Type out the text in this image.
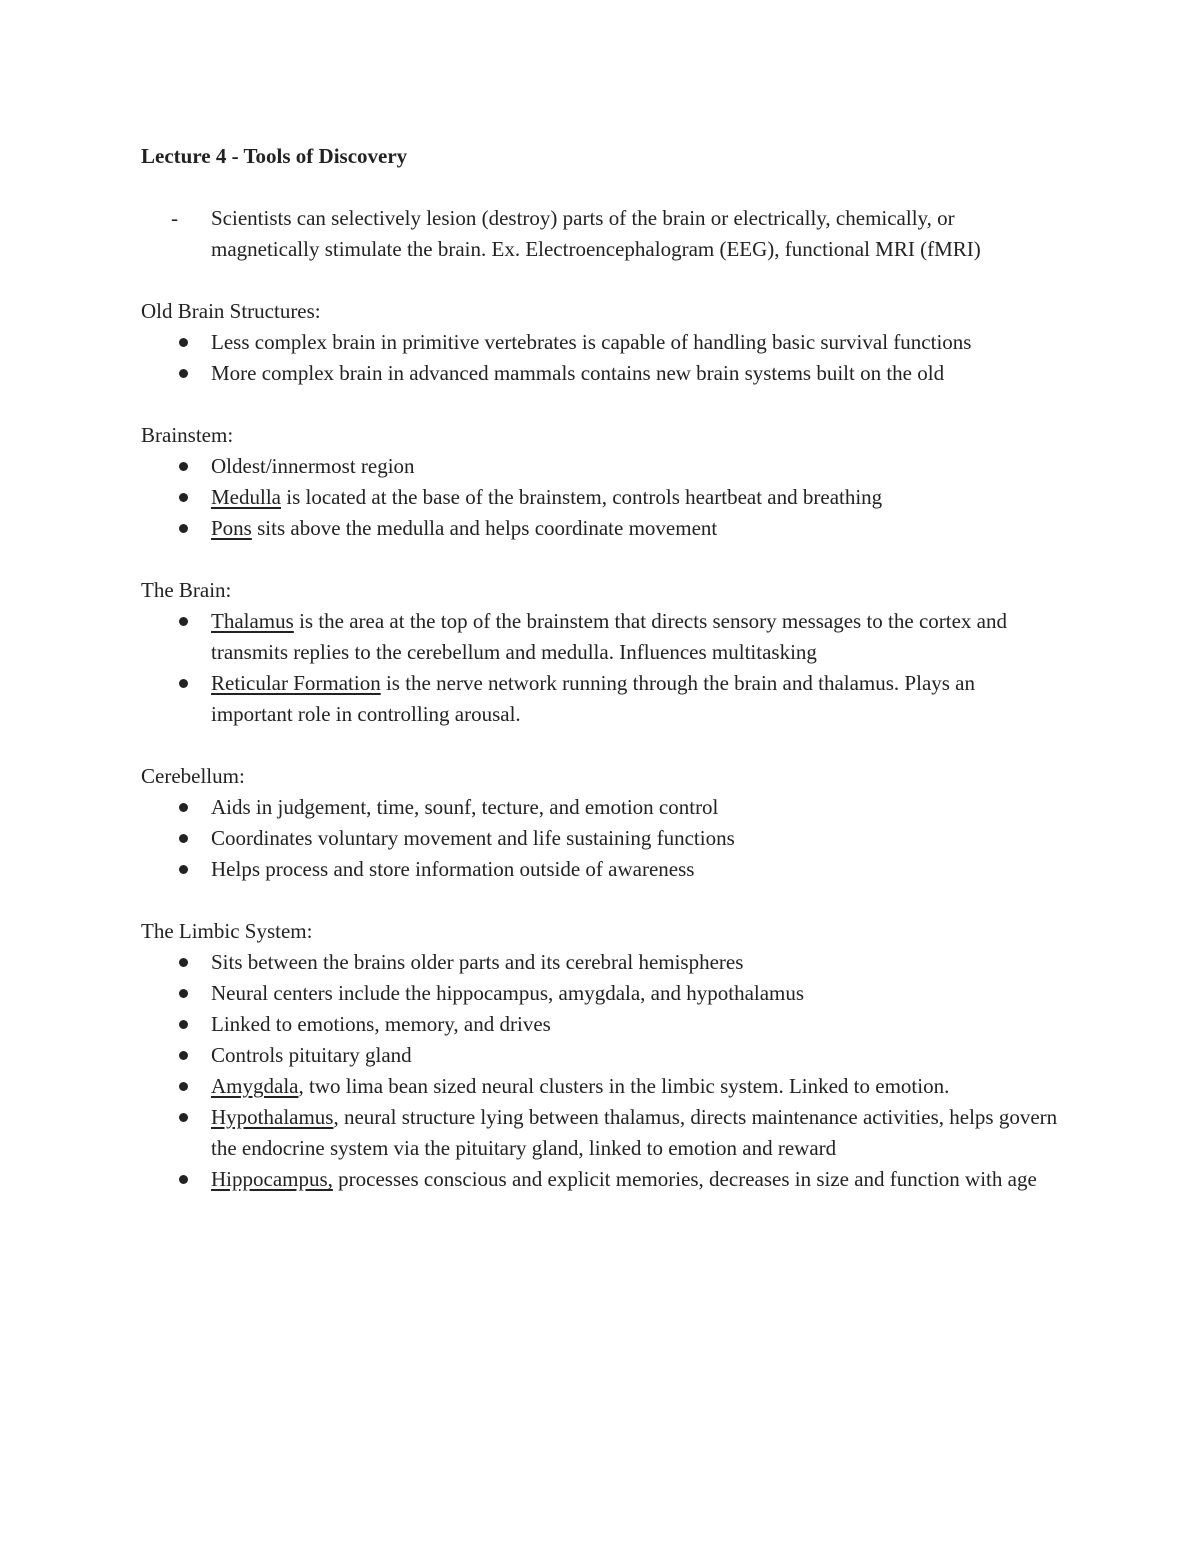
Lecture 4 - Tools of Discovery
- Scientists can selectively lesion (destroy) parts of the brain or electrically, chemically, or magnetically stimulate the brain. Ex. Electroencephalogram (EEG), functional MRI (fMRI)
Old Brain Structures:
Less complex brain in primitive vertebrates is capable of handling basic survival functions
More complex brain in advanced mammals contains new brain systems built on the old
Brainstem:
Oldest/innermost region
Medulla is located at the base of the brainstem, controls heartbeat and breathing
Pons sits above the medulla and helps coordinate movement
The Brain:
Thalamus is the area at the top of the brainstem that directs sensory messages to the cortex and transmits replies to the cerebellum and medulla. Influences multitasking
Reticular Formation is the nerve network running through the brain and thalamus. Plays an important role in controlling arousal.
Cerebellum:
Aids in judgement, time, sounf, tecture, and emotion control
Coordinates voluntary movement and life sustaining functions
Helps process and store information outside of awareness
The Limbic System:
Sits between the brains older parts and its cerebral hemispheres
Neural centers include the hippocampus, amygdala, and hypothalamus
Linked to emotions, memory, and drives
Controls pituitary gland
Amygdala, two lima bean sized neural clusters in the limbic system. Linked to emotion.
Hypothalamus, neural structure lying between thalamus, directs maintenance activities, helps govern the endocrine system via the pituitary gland, linked to emotion and reward
Hippocampus, processes conscious and explicit memories, decreases in size and function with age
